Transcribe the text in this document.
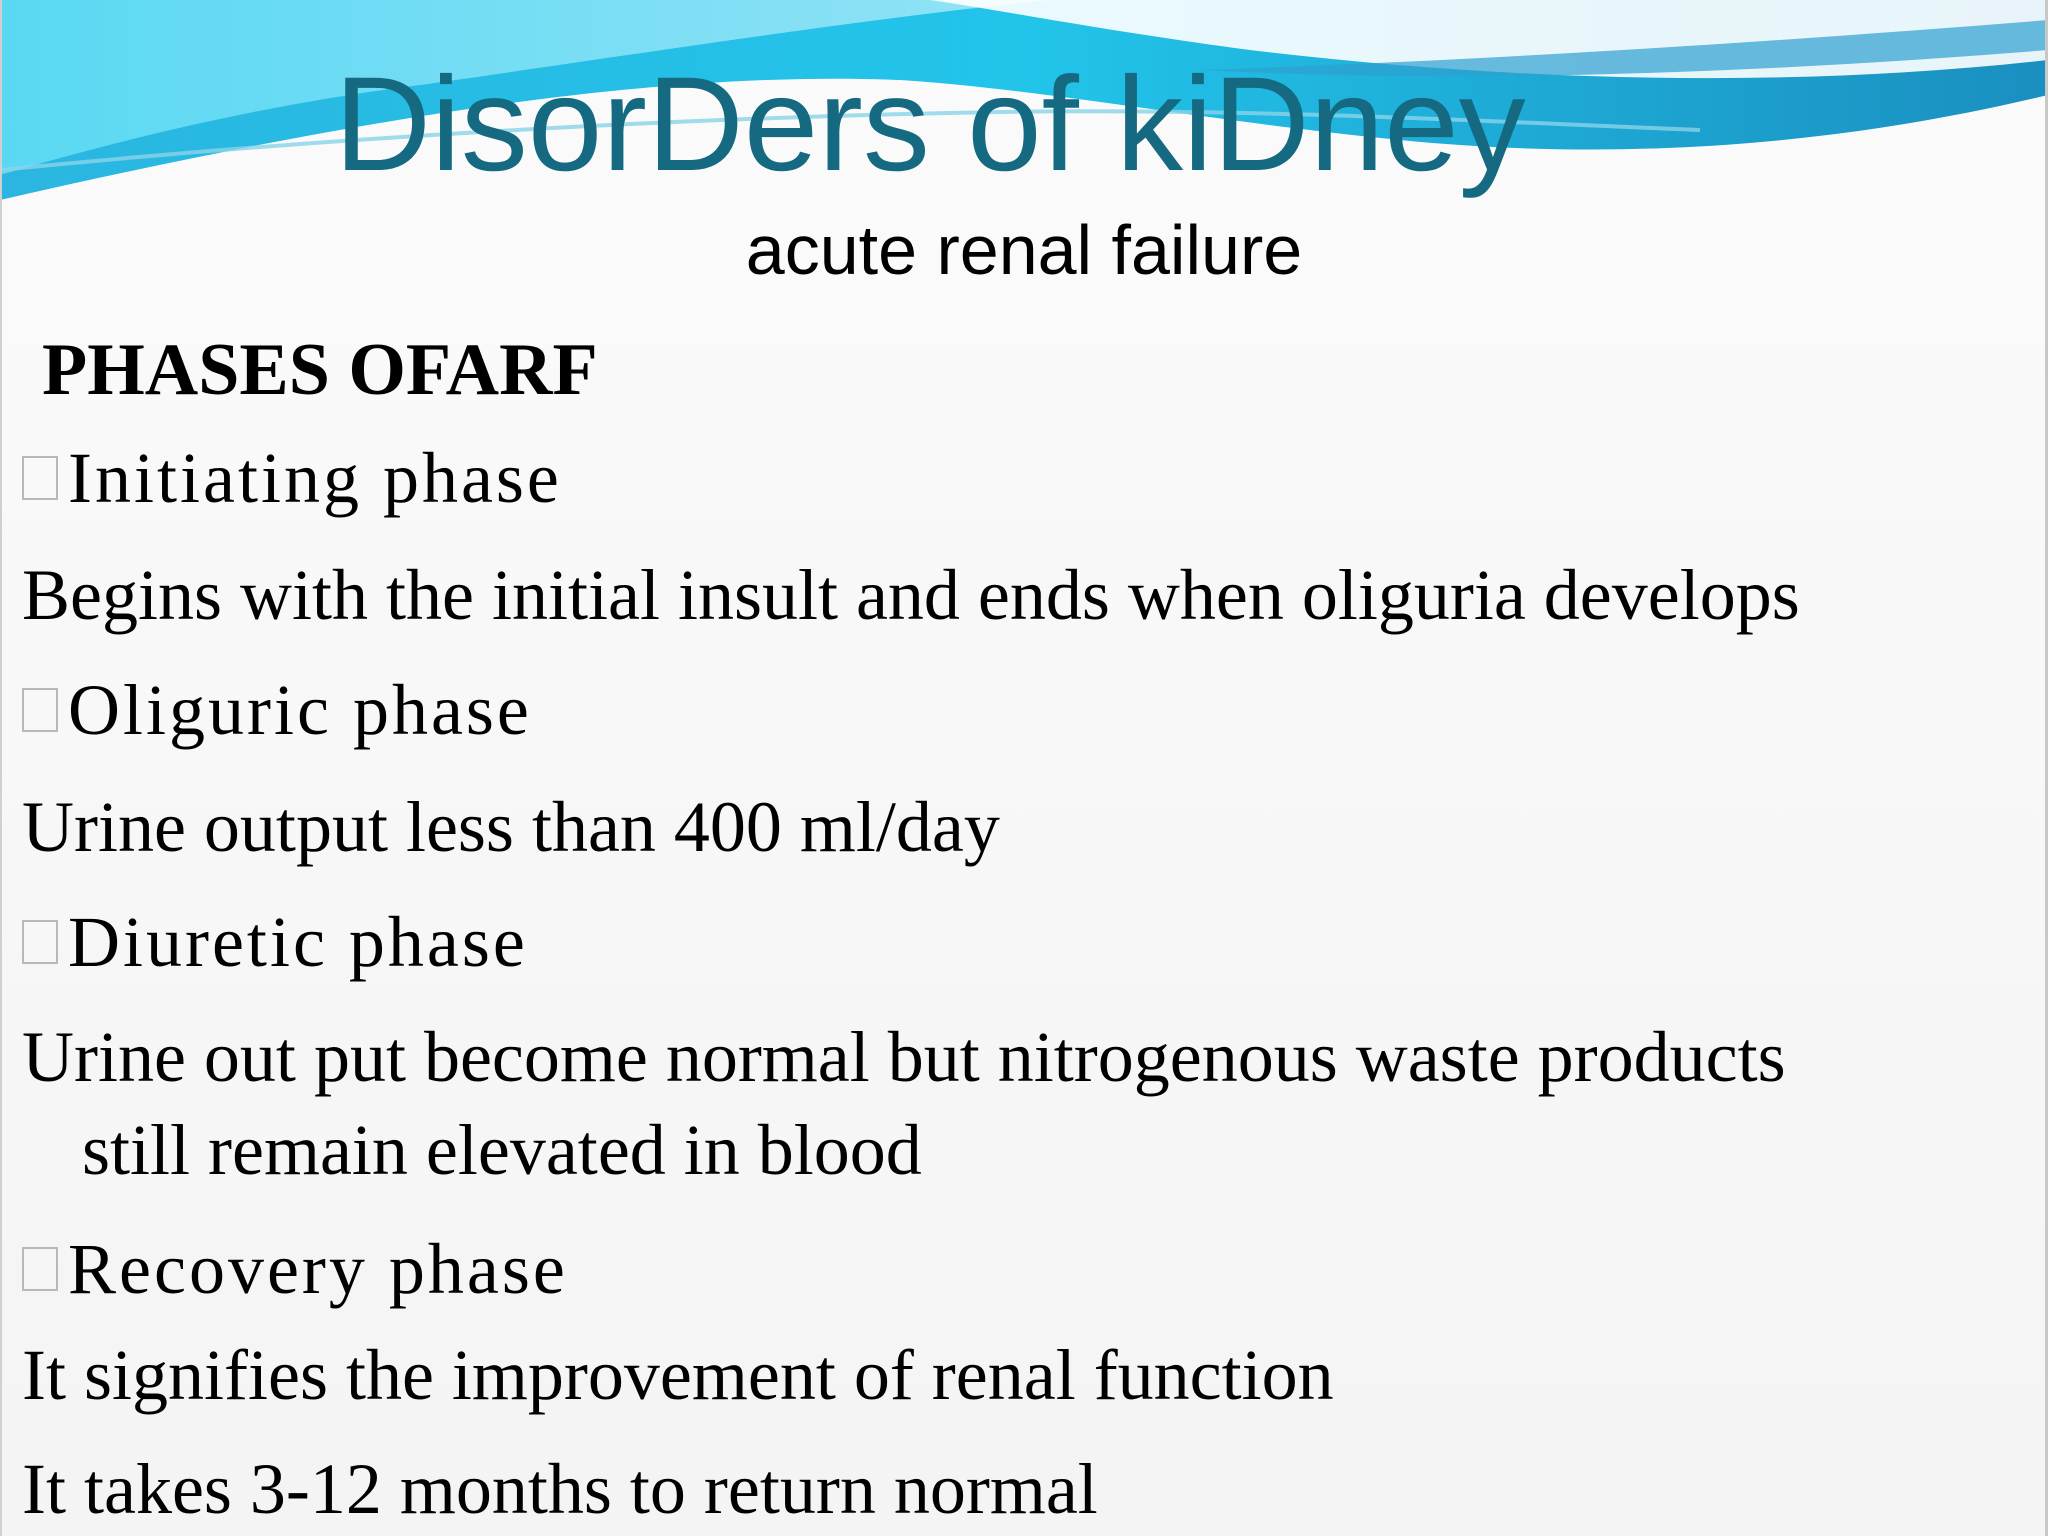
DisorDers of kiDney
acute renal failure
PHASES OFARF
Initiating phase
Begins with the initial insult and ends when oliguria develops
Oliguric phase
Urine output less than 400 ml/day
Diuretic phase
Urine out put become normal but nitrogenous waste products
still remain elevated in blood
Recovery phase
It signifies the improvement of renal function
It takes 3-12 months to return normal
